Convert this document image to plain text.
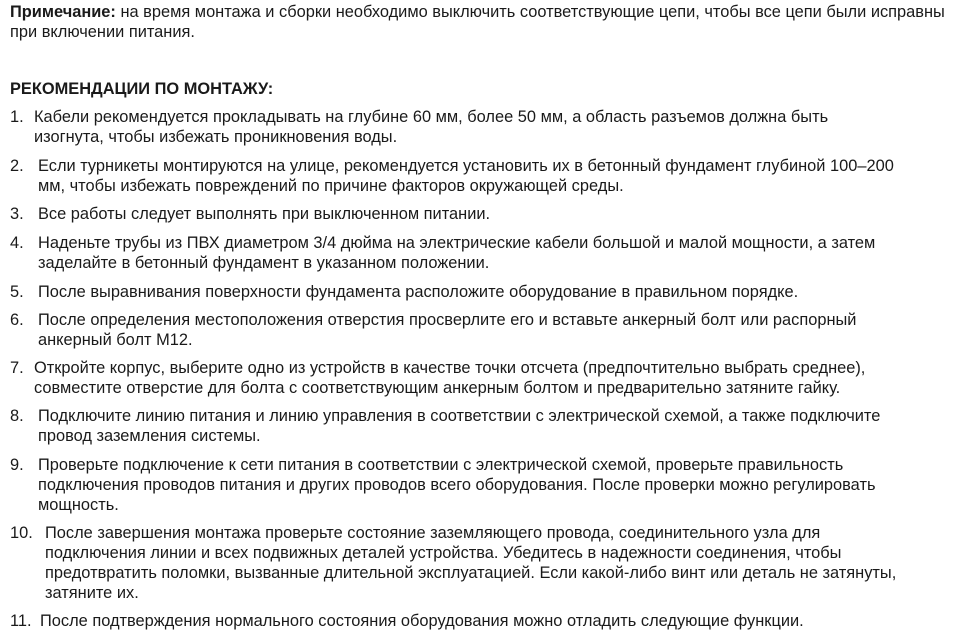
Примечание: на время монтажа и сборки необходимо выключить соответствующие цепи, чтобы все цепи были исправны при включении питания.
РЕКОМЕНДАЦИИ ПО МОНТАЖУ:
1. Кабели рекомендуется прокладывать на глубине 60 мм, более 50 мм, а область разъемов должна быть
изогнута, чтобы избежать проникновения воды.
2. Если турникеты монтируются на улице, рекомендуется установить их в бетонный фундамент глубиной 100–200
мм, чтобы избежать повреждений по причине факторов окружающей среды.
3. Все работы следует выполнять при выключенном питании.
4. Наденьте трубы из ПВХ диаметром 3/4 дюйма на электрические кабели большой и малой мощности, а затем
заделайте в бетонный фундамент в указанном положении.
5. После выравнивания поверхности фундамента расположите оборудование в правильном порядке.
6. После определения местоположения отверстия просверлите его и вставьте анкерный болт или распорный
анкерный болт М12.
7. Откройте корпус, выберите одно из устройств в качестве точки отсчета (предпочтительно выбрать среднее),
совместите отверстие для болта с соответствующим анкерным болтом и предварительно затяните гайку.
8. Подключите линию питания и линию управления в соответствии с электрической схемой, а также подключите
провод заземления системы.
9. Проверьте подключение к сети питания в соответствии с электрической схемой, проверьте правильность
подключения проводов питания и других проводов всего оборудования. После проверки можно регулировать
мощность.
10. После завершения монтажа проверьте состояние заземляющего провода, соединительного узла для
подключения линии и всех подвижных деталей устройства. Убедитесь в надежности соединения, чтобы
предотвратить поломки, вызванные длительной эксплуатацией. Если какой-либо винт или деталь не затянуты,
затяните их.
11. После подтверждения нормального состояния оборудования можно отладить следующие функции.
